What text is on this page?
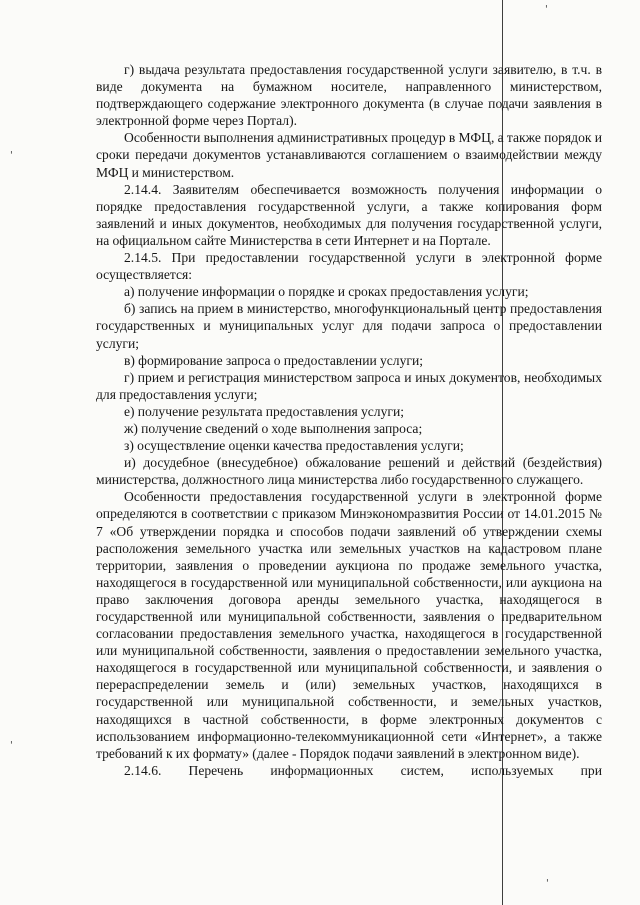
'
'
'
'

г) выдача результата предоставления государственной услуги заявителю, в т.ч. в виде документа на бумажном носителе, направленного министерством, подтверждающего содержание электронного документа (в случае подачи заявления в электронной форме через Портал).

Особенности выполнения административных процедур в МФЦ, а также порядок и сроки передачи документов устанавливаются соглашением о взаимодействии между МФЦ и министерством.

2.14.4. Заявителям обеспечивается возможность получения информации о порядке предоставления государственной услуги, а также копирования форм заявлений и иных документов, необходимых для получения государственной услуги, на официальном сайте Министерства в сети Интернет и на Портале.

2.14.5. При предоставлении государственной услуги в электронной форме осуществляется:

а) получение информации о порядке и сроках предоставления услуги;

б) запись на прием в министерство, многофункциональный центр предоставления государственных и муниципальных услуг для подачи запроса о предоставлении услуги;

в) формирование запроса о предоставлении услуги;

г) прием и регистрация министерством запроса и иных документов, необходимых для предоставления услуги;

е) получение результата предоставления услуги;

ж) получение сведений о ходе выполнения запроса;

з) осуществление оценки качества предоставления услуги;

и) досудебное (внесудебное) обжалование решений и действий (бездействия) министерства, должностного лица министерства либо государственного служащего.

Особенности предоставления государственной услуги в электронной форме определяются в соответствии с приказом Минэкономразвития России от 14.01.2015 № 7 «Об утверждении порядка и способов подачи заявлений об утверждении схемы расположения земельного участка или земельных участков на кадастровом плане территории, заявления о проведении аукциона по продаже земельного участка, находящегося в государственной или муниципальной собственности, или аукциона на право заключения договора аренды земельного участка, находящегося в государственной или муниципальной собственности, заявления о предварительном согласовании предоставления земельного участка, находящегося в государственной или муниципальной собственности, заявления о предоставлении земельного участка, находящегося в государственной или муниципальной собственности, и заявления о перераспределении земель и (или) земельных участков, находящихся в государственной или муниципальной собственности, и земельных участков, находящихся в частной собственности, в форме электронных документов с использованием информационно-телекоммуникационной сети «Интернет», а также требований к их формату» (далее - Порядок подачи заявлений в электронном виде).

2.14.6. Перечень информационных систем, используемых при
